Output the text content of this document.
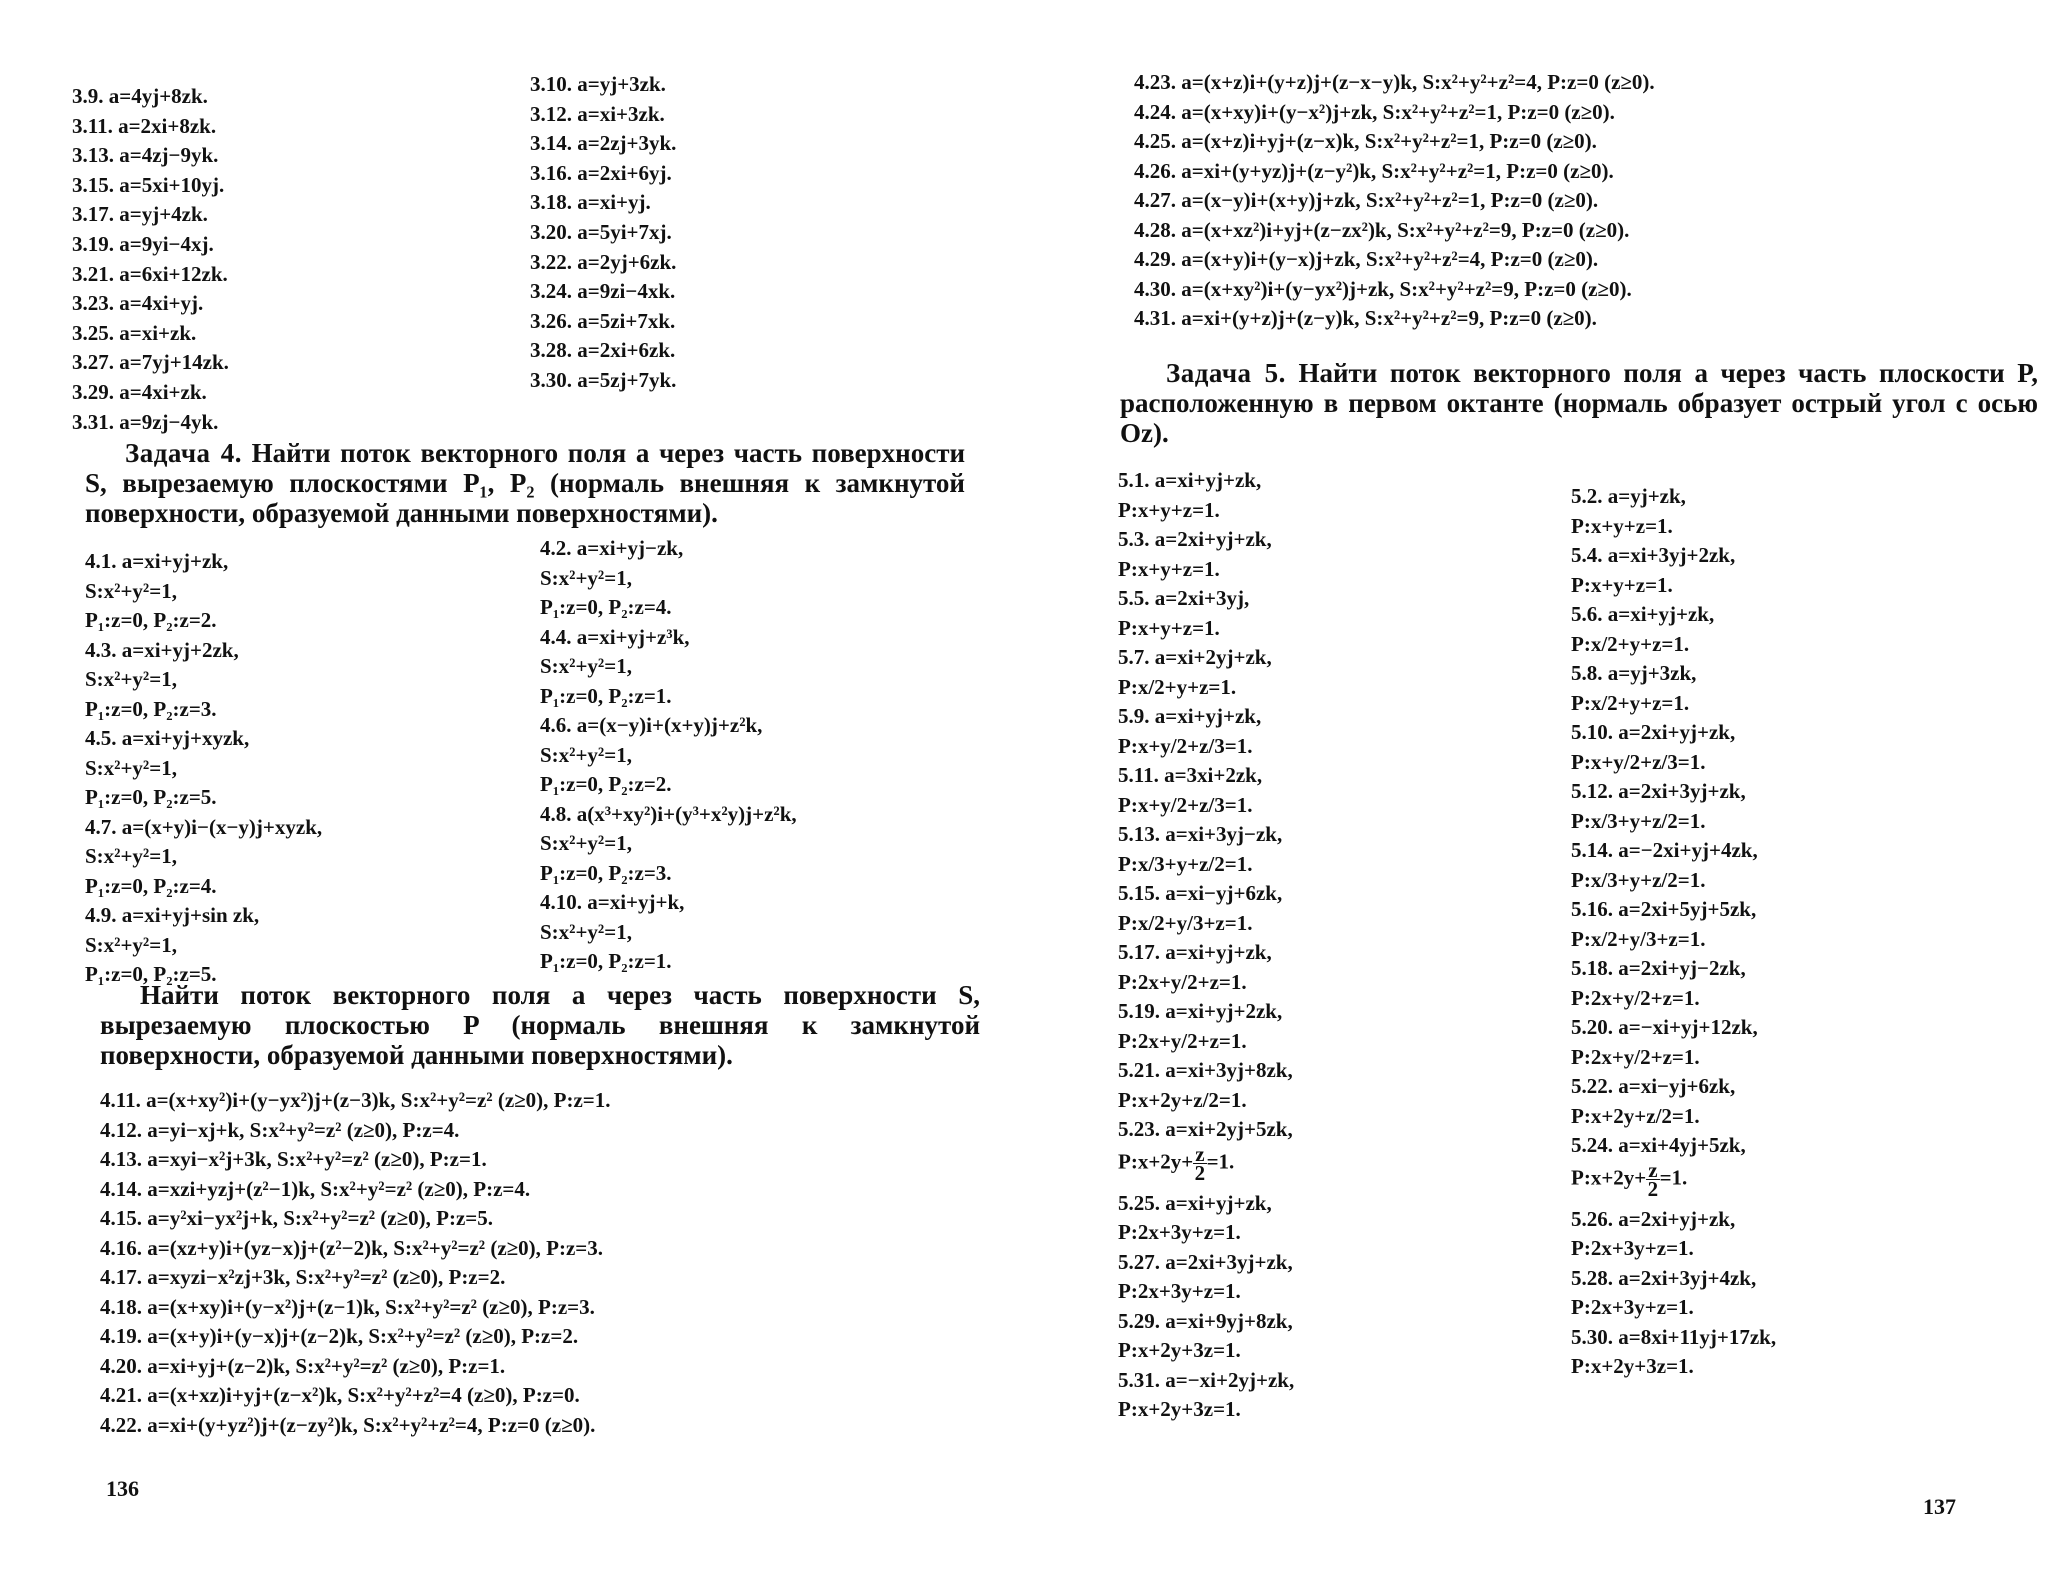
3.9. a=4yj+8zk.
3.11. a=2xi+8zk.
3.13. a=4zj−9yk.
3.15. a=5xi+10yj.
3.17. a=yj+4zk.
3.19. a=9yi−4xj.
3.21. a=6xi+12zk.
3.23. a=4xi+yj.
3.25. a=xi+zk.
3.27. a=7yj+14zk.
3.29. a=4xi+zk.
3.31. a=9zj−4yk.
3.10. a=yj+3zk.
3.12. a=xi+3zk.
3.14. a=2zj+3yk.
3.16. a=2xi+6yj.
3.18. a=xi+yj.
3.20. a=5yi+7xj.
3.22. a=2yj+6zk.
3.24. a=9zi−4xk.
3.26. a=5zi+7xk.
3.28. a=2xi+6zk.
3.30. a=5zj+7yk.
Задача 4. Найти поток векторного поля a через часть поверхности S, вырезаемую плоскостями P₁, P₂ (нормаль внешняя к замкнутой поверхности, образуемой данными поверхностями).
4.1. a=xi+yj+zk,
S:x²+y²=1,
P₁:z=0, P₂:z=2.
4.3. a=xi+yj+2zk,
S:x²+y²=1,
P₁:z=0, P₂:z=3.
4.5. a=xi+yj+xyzk,
S:x²+y²=1,
P₁:z=0, P₂:z=5.
4.7. a=(x+y)i−(x−y)j+xyzk,
S:x²+y²=1,
P₁:z=0, P₂:z=4.
4.9. a=xi+yj+sin zk,
S:x²+y²=1,
P₁:z=0, P₂:z=5.
4.2. a=xi+yj−zk,
S:x²+y²=1,
P₁:z=0, P₂:z=4.
4.4. a=xi+yj+z³k,
S:x²+y²=1,
P₁:z=0, P₂:z=1.
4.6. a=(x−y)i+(x+y)j+z²k,
S:x²+y²=1,
P₁:z=0, P₂:z=2.
4.8. a(x³+xy²)i+(y³+x²y)j+z²k,
S:x²+y²=1,
P₁:z=0, P₂:z=3.
4.10. a=xi+yj+k,
S:x²+y²=1,
P₁:z=0, P₂:z=1.
Найти поток векторного поля a через часть поверхности S, вырезаемую плоскостью P (нормаль внешняя к замкнутой поверхности, образуемой данными поверхностями).
4.11. a=(x+xy²)i+(y−yx²)j+(z−3)k, S:x²+y²=z² (z≥0), P:z=1.
4.12. a=yi−xj+k, S:x²+y²=z² (z≥0), P:z=4.
4.13. a=xyi−x²j+3k, S:x²+y²=z² (z≥0), P:z=1.
4.14. a=xzi+yzj+(z²−1)k, S:x²+y²=z² (z≥0), P:z=4.
4.15. a=y²xi−yx²j+k, S:x²+y²=z² (z≥0), P:z=5.
4.16. a=(xz+y)i+(yz−x)j+(z²−2)k, S:x²+y²=z² (z≥0), P:z=3.
4.17. a=xyzi−x²zj+3k, S:x²+y²=z² (z≥0), P:z=2.
4.18. a=(x+xy)i+(y−x²)j+(z−1)k, S:x²+y²=z² (z≥0), P:z=3.
4.19. a=(x+y)i+(y−x)j+(z−2)k, S:x²+y²=z² (z≥0), P:z=2.
4.20. a=xi+yj+(z−2)k, S:x²+y²=z² (z≥0), P:z=1.
4.21. a=(x+xz)i+yj+(z−x²)k, S:x²+y²+z²=4 (z≥0), P:z=0.
4.22. a=xi+(y+yz²)j+(z−zy²)k, S:x²+y²+z²=4, P:z=0 (z≥0).
136
4.23. a=(x+z)i+(y+z)j+(z−x−y)k, S:x²+y²+z²=4, P:z=0 (z≥0).
4.24. a=(x+xy)i+(y−x²)j+zk, S:x²+y²+z²=1, P:z=0 (z≥0).
4.25. a=(x+z)i+yj+(z−x)k, S:x²+y²+z²=1, P:z=0 (z≥0).
4.26. a=xi+(y+yz)j+(z−y²)k, S:x²+y²+z²=1, P:z=0 (z≥0).
4.27. a=(x−y)i+(x+y)j+zk, S:x²+y²+z²=1, P:z=0 (z≥0).
4.28. a=(x+xz²)i+yj+(z−zx²)k, S:x²+y²+z²=9, P:z=0 (z≥0).
4.29. a=(x+y)i+(y−x)j+zk, S:x²+y²+z²=4, P:z=0 (z≥0).
4.30. a=(x+xy²)i+(y−yx²)j+zk, S:x²+y²+z²=9, P:z=0 (z≥0).
4.31. a=xi+(y+z)j+(z−y)k, S:x²+y²+z²=9, P:z=0 (z≥0).
Задача 5. Найти поток векторного поля a через часть плоскости P, расположенную в первом октанте (нормаль образует острый угол с осью Oz).
5.1. a=xi+yj+zk,
P:x+y+z=1.
5.3. a=2xi+yj+zk,
P:x+y+z=1.
5.5. a=2xi+3yj,
P:x+y+z=1.
5.7. a=xi+2yj+zk,
P:x/2+y+z=1.
5.9. a=xi+yj+zk,
P:x+y/2+z/3=1.
5.11. a=3xi+2zk,
P:x+y/2+z/3=1.
5.13. a=xi+3yj−zk,
P:x/3+y+z/2=1.
5.15. a=xi−yj+6zk,
P:x/2+y/3+z=1.
5.17. a=xi+yj+zk,
P:2x+y/2+z=1.
5.19. a=xi+yj+2zk,
P:2x+y/2+z=1.
5.21. a=xi+3yj+8zk,
P:x+2y+z/2=1.
5.23. a=xi+2yj+5zk,
P:x+2y+ $\frac{z}{2} =1$.
5.25. a=xi+yj+zk,
P:2x+3y+z=1.
5.27. a=2xi+3yj+zk,
P:2x+3y+z=1.
5.29. a=xi+9yj+8zk,
P:x+2y+3z=1.
5.31. a=−xi+2yj+zk,
P:x+2y+3z=1.
5.2. a=yj+zk,
P:x+y+z=1.
5.4. a=xi+3yj+2zk,
P:x+y+z=1.
5.6. a=xi+yj+zk,
P:x/2+y+z=1.
5.8. a=yj+3zk,
P:x/2+y+z=1.
5.10. a=2xi+yj+zk,
P:x+y/2+z/3=1.
5.12. a=2xi+3yj+zk,
P:x/3+y+z/2=1.
5.14. a=−2xi+yj+4zk,
P:x/3+y+z/2=1.
5.16. a=2xi+5yj+5zk,
P:x/2+y/3+z=1.
5.18. a=2xi+yj−2zk,
P:2x+y/2+z=1.
5.20. a=−xi+yj+12zk,
P:2x+y/2+z=1.
5.22. a=xi−yj+6zk,
P:x+2y+z/2=1.
5.24. a=xi+4yj+5zk,
P:x+2y+ $\frac{z}{2} =1$.
5.26. a=2xi+yj+zk,
P:2x+3y+z=1.
5.28. a=2xi+3yj+4zk,
P:2x+3y+z=1.
5.30. a=8xi+11yj+17zk,
P:x+2y+3z=1.
137
